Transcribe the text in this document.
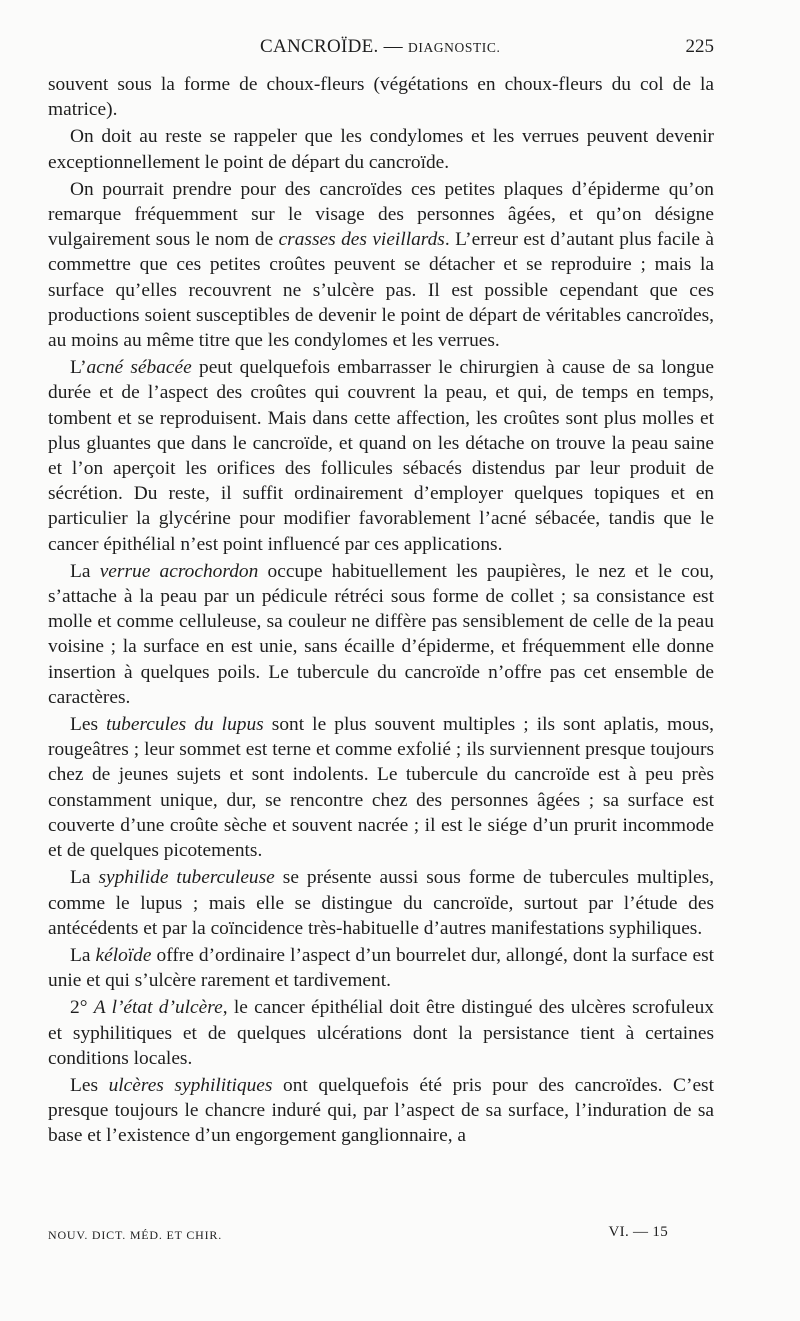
CANCROÏDE. — DIAGNOSTIC.	225

souvent sous la forme de choux-fleurs (végétations en choux-fleurs du col de la matrice).

On doit au reste se rappeler que les condylomes et les verrues peuvent devenir exceptionnellement le point de départ du cancroïde.

On pourrait prendre pour des cancroïdes ces petites plaques d’épiderme qu’on remarque fréquemment sur le visage des personnes âgées, et qu’on désigne vulgairement sous le nom de crasses des vieillards. L’erreur est d’autant plus facile à commettre que ces petites croûtes peuvent se détacher et se reproduire ; mais la surface qu’elles recouvrent ne s’ulcère pas. Il est possible cependant que ces productions soient susceptibles de devenir le point de départ de véritables cancroïdes, au moins au même titre que les condylomes et les verrues.

L’acné sébacée peut quelquefois embarrasser le chirurgien à cause de sa longue durée et de l’aspect des croûtes qui couvrent la peau, et qui, de temps en temps, tombent et se reproduisent. Mais dans cette affection, les croûtes sont plus molles et plus gluantes que dans le cancroïde, et quand on les détache on trouve la peau saine et l’on aperçoit les orifices des follicules sébacés distendus par leur produit de sécrétion. Du reste, il suffit ordinairement d’employer quelques topiques et en particulier la glycérine pour modifier favorablement l’acné sébacée, tandis que le cancer épithélial n’est point influencé par ces applications.

La verrue acrochordon occupe habituellement les paupières, le nez et le cou, s’attache à la peau par un pédicule rétréci sous forme de collet ; sa consistance est molle et comme celluleuse, sa couleur ne diffère pas sensiblement de celle de la peau voisine ; la surface en est unie, sans écaille d’épiderme, et fréquemment elle donne insertion à quelques poils. Le tubercule du cancroïde n’offre pas cet ensemble de caractères.

Les tubercules du lupus sont le plus souvent multiples ; ils sont aplatis, mous, rougeâtres ; leur sommet est terne et comme exfolié ; ils surviennent presque toujours chez de jeunes sujets et sont indolents. Le tubercule du cancroïde est à peu près constamment unique, dur, se rencontre chez des personnes âgées ; sa surface est couverte d’une croûte sèche et souvent nacrée ; il est le siége d’un prurit incommode et de quelques picotements.

La syphilide tuberculeuse se présente aussi sous forme de tubercules multiples, comme le lupus ; mais elle se distingue du cancroïde, surtout par l’étude des antécédents et par la coïncidence très-habituelle d’autres manifestations syphiliques.

La kéloïde offre d’ordinaire l’aspect d’un bourrelet dur, allongé, dont la surface est unie et qui s’ulcère rarement et tardivement.

2° A l’état d’ulcère, le cancer épithélial doit être distingué des ulcères scrofuleux et syphilitiques et de quelques ulcérations dont la persistance tient à certaines conditions locales.

Les ulcères syphilitiques ont quelquefois été pris pour des cancroïdes. C’est presque toujours le chancre induré qui, par l’aspect de sa surface, l’induration de sa base et l’existence d’un engorgement ganglionnaire, a

NOUV. DICT. MÉD. ET CHIR.	VI. — 15
